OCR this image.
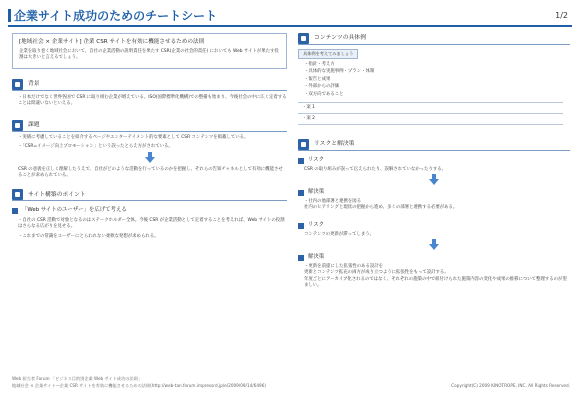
企業サイト成功のためのチートシート	1/2
[地域社会 × 企業サイト] 企業 CSR サイトを有効に機能させるための法則
企業を取り巻く地域社会において、自社の企業活動の説明責任を果たす CSR(企業の社会的責任) においても Web サイトが果たす役割は大きいと言えるでしょう。
背景
・日本だけでなく世界各国で CSR に取り組む企業が増えている。ISO(国際標準化機構)での整備も始まり、今後社会の中に広く定着することは間違いないといえる。
課題
・実績に考慮していることを紹介するページやエンターテイメント的な要素として CSR コンテンツを掲載している。
・「CSR=イメージ向上プロモーション」という誤ったとらえ方がされている。
CSR の意義を正しく理解したうえで、自社がどのような活動を行っているのかを把握し、それらの告知チャネルとして有効に機能させることが求められている。
サイト構築のポイント
「Web サイトのユーザー」を広げて考える
・自社の CSR 活動で対象となるのはステークホルダー全体。今後 CSR が企業活動として定着することを考えれば、Web サイトの役割はさらなる広がりを見せる。
・これまでの常識をユーザーにとらわれない柔軟な発想が求められる。
コンテンツの具体例
具体例を考えてみましょう
・指針・考え方
・具体的な実施事例・プラン・体制
・報告と成果
・外部からの評価
・双方向であること
・案 1
・案 2
リスクと解決策
リスク
CSR の取り組みが誤って伝えられたり、誤解されていなかったりする。
解決策
・社内の他部署と連携を図る
社内のヒアリングと現状の把握から進め、多くの部署と連携する必要がある。
リスク
コンテンツの更新が滞ってしまう。
解決策
・更新を前提にした拡張性のある設計を
更新とコンテンツ拡充の両方が成り立つように拡張性をもって設計する。
年度ごとにアーカイブ化されるのではなく、それぞれの施策の中で紐付けられた施策内容の変化や成果の推移について整理するのが望ましい。
Web 担当者 Forum 「ビジネス目的別企業 Web サイト成功の法則」
地域社会 × 企業サイト—企業 CSR サイトを有効に機能させるための法則(http://web-tan.forum.impressrd.jp/e/2009/09/14/6496)	Copyright(C) 2009 KINOTROPE, INC. All Rights Reserved.
